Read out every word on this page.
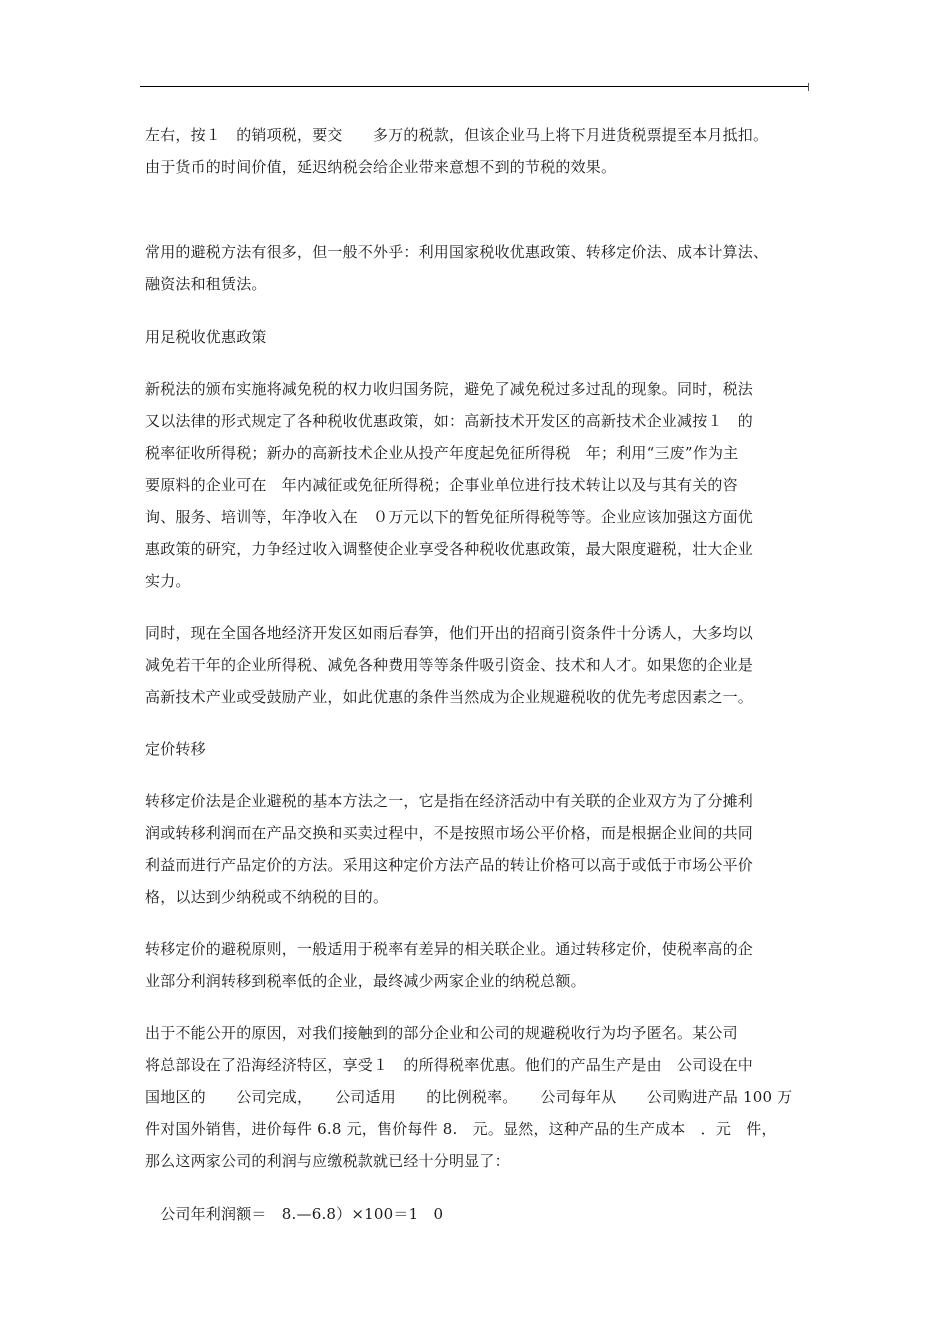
左右，按１　的销项税，要交　　多万的税款，但该企业马上将下月进货税票提至本月抵扣。

由于货币的时间价值，延迟纳税会给企业带来意想不到的节税的效果。

常用的避税方法有很多，但一般不外乎：利用国家税收优惠政策、转移定价法、成本计算法、

融资法和租赁法。

用足税收优惠政策

新税法的颁布实施将减免税的权力收归国务院，避免了减免税过多过乱的现象。同时，税法

又以法律的形式规定了各种税收优惠政策，如：高新技术开发区的高新技术企业减按１　的

税率征收所得税；新办的高新技术企业从投产年度起免征所得税　年；利用“三废”作为主

要原料的企业可在　年内减征或免征所得税；企事业单位进行技术转让以及与其有关的咨

询、服务、培训等，年净收入在　０万元以下的暂免征所得税等等。企业应该加强这方面优

惠政策的研究，力争经过收入调整使企业享受各种税收优惠政策，最大限度避税，壮大企业

实力。

同时，现在全国各地经济开发区如雨后春笋，他们开出的招商引资条件十分诱人，大多均以

减免若干年的企业所得税、减免各种费用等等条件吸引资金、技术和人才。如果您的企业是

高新技术产业或受鼓励产业，如此优惠的条件当然成为企业规避税收的优先考虑因素之一。

定价转移

转移定价法是企业避税的基本方法之一，它是指在经济活动中有关联的企业双方为了分摊利

润或转移利润而在产品交换和买卖过程中，不是按照市场公平价格，而是根据企业间的共同

利益而进行产品定价的方法。采用这种定价方法产品的转让价格可以高于或低于市场公平价

格，以达到少纳税或不纳税的目的。

转移定价的避税原则，一般适用于税率有差异的相关联企业。通过转移定价，使税率高的企

业部分利润转移到税率低的企业，最终减少两家企业的纳税总额。

出于不能公开的原因，对我们接触到的部分企业和公司的规避税收行为均予匿名。某公司

将总部设在了沿海经济特区，享受１　的所得税率优惠。他们的产品生产是由　公司设在中

国地区的　　公司完成，　　公司适用　　的比例税率。　　公司每年从　　公司购进产品 100 万

件对国外销售，进价每件 6.8 元，售价每件 8.　元。显然，这种产品的生产成本　．元　件，

那么这两家公司的利润与应缴税款就已经十分明显了：

　公司年利润额＝　8.—6.8）×100＝1　0
